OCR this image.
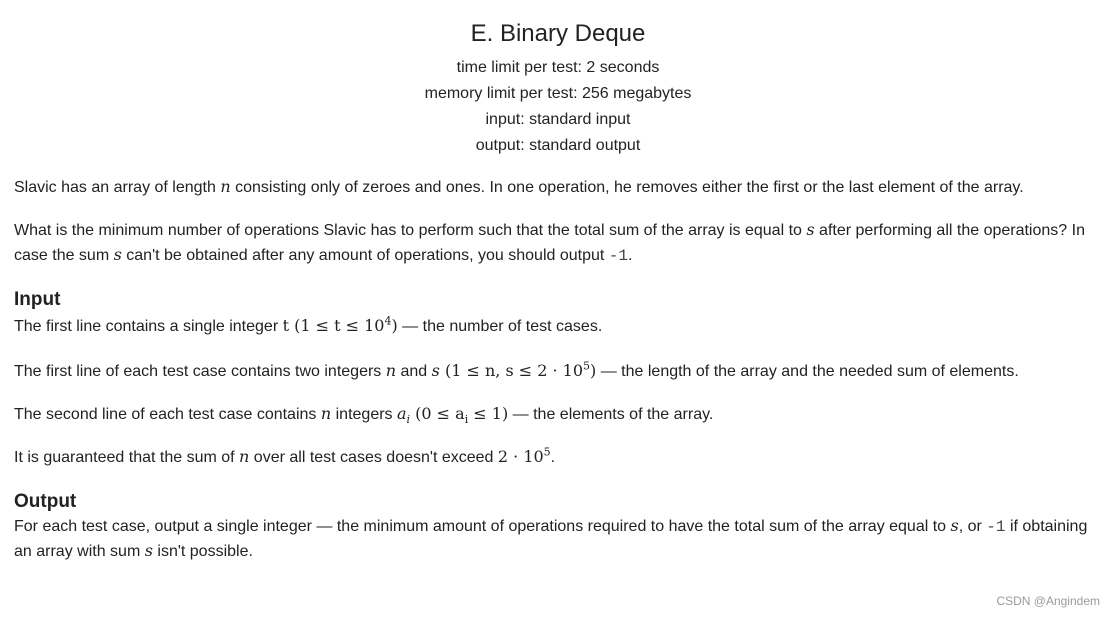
E. Binary Deque
time limit per test: 2 seconds
memory limit per test: 256 megabytes
input: standard input
output: standard output

Slavic has an array of length n consisting only of zeroes and ones. In one operation, he removes either the first or the last element of the array.

What is the minimum number of operations Slavic has to perform such that the total sum of the array is equal to s after performing all the operations? In case the sum s can't be obtained after any amount of operations, you should output -1.

Input

The first line contains a single integer t $(1 \le t \le 10^4)$ — the number of test cases.

The first line of each test case contains two integers n and s (1 ≤ n, $s \le 2 \cdot 10^5$) — the length of the array and the needed sum of elements.

The second line of each test case contains n integers $a_i$ $(0 \le a_i \le 1)$ — the elements of the array.

It is guaranteed that the sum of n over all test cases doesn't exceed $2 \cdot 10^5$.

Output

For each test case, output a single integer — the minimum amount of operations required to have the total sum of the array equal to s, or -1 if obtaining an array with sum s isn't possible.

CSDN @Angindem
